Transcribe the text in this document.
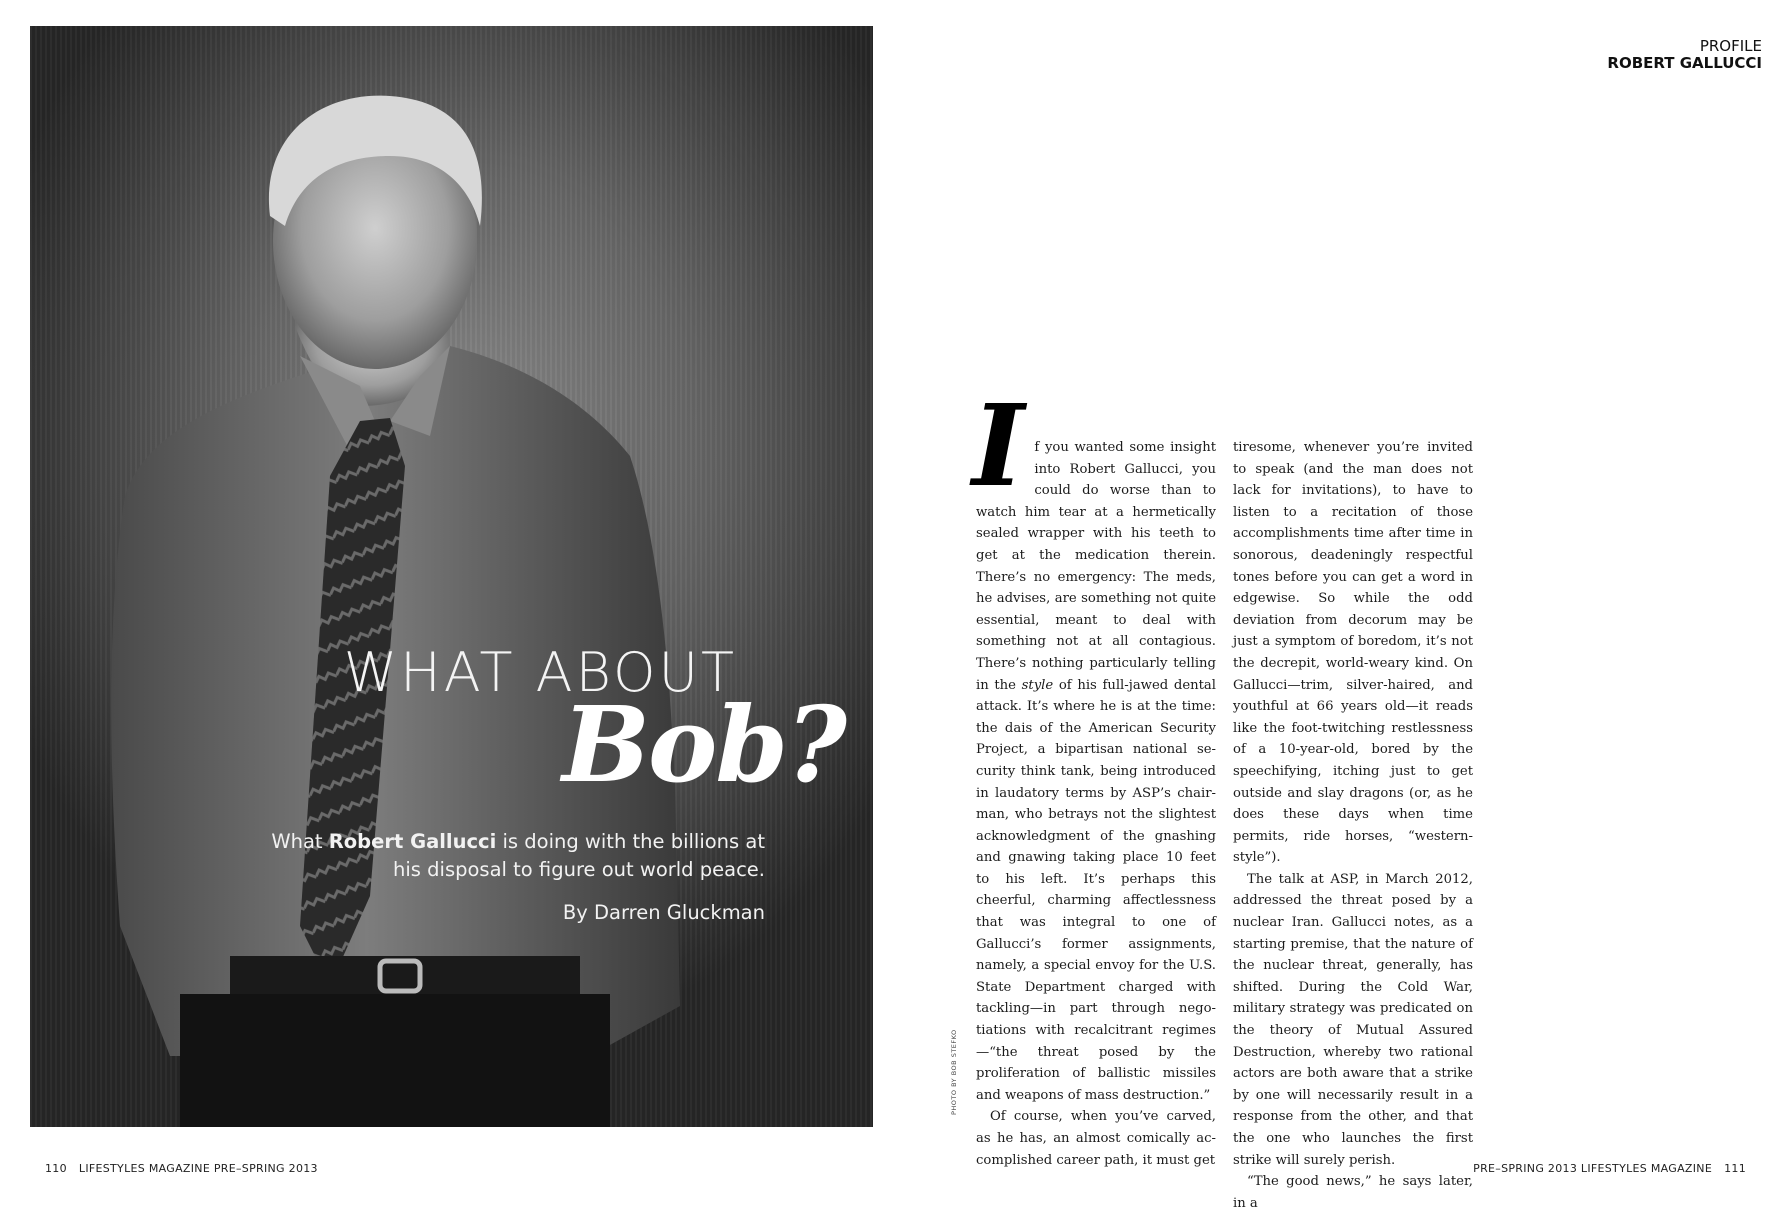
WHAT ABOUT
Bob?
What Robert Gallucci is doing with the billions at his disposal to figure out world peace.
By Darren Gluckman
110 LIFESTYLES MAGAZINE PRE–SPRING 2013
PROFILE
ROBERT GALLUCCI
PHOTO BY BOB STEFKO

If you wanted some insight into Robert Gallucci, you could do worse than to watch him tear at a hermetically sealed wrapper with his teeth to get at the medication therein. There’s no emergency: The meds, he advises, are something not quite essential, meant to deal with something not at all contagious. There’s nothing particularly telling in the style of his full-jawed dental attack. It’s where he is at the time: the dais of the American Security Project, a bipartisan national security think tank, being introduced in laudatory terms by ASP’s chairman, who betrays not the slightest acknowledgment of the gnashing and gnawing taking place 10 feet to his left. It’s perhaps this cheerful, charming affectlessness that was integral to one of Gallucci’s former assignments, namely, a special envoy for the U.S. State Department charged with tackling—in part through negotiations with recalcitrant regimes—“the threat posed by the proliferation of ballistic missiles and weapons of mass destruction.”

Of course, when you’ve carved, as he has, an almost comically accomplished career path, it must get

tiresome, whenever you’re invited to speak (and the man does not lack for invitations), to have to listen to a recitation of those accomplishments time after time in sonorous, deadeningly respectful tones before you can get a word in edgewise. So while the odd deviation from decorum may be just a symptom of boredom, it’s not the decrepit, world-weary kind. On Gallucci—trim, silver-haired, and youthful at 66 years old—it reads like the foot-twitching restlessness of a 10-year-old, bored by the speechifying, itching just to get outside and slay dragons (or, as he does these days when time permits, ride horses, “western-style”).

The talk at ASP, in March 2012, addressed the threat posed by a nuclear Iran. Gallucci notes, as a starting premise, that the nature of the nuclear threat, generally, has shifted. During the Cold War, military strategy was predicated on the theory of Mutual Assured Destruction, whereby two rational actors are both aware that a strike by one will necessarily result in a response from the other, and that the one who launches the first strike will surely perish.

“The good news,” he says later, in a

PRE–SPRING 2013 LIFESTYLES MAGAZINE 111
